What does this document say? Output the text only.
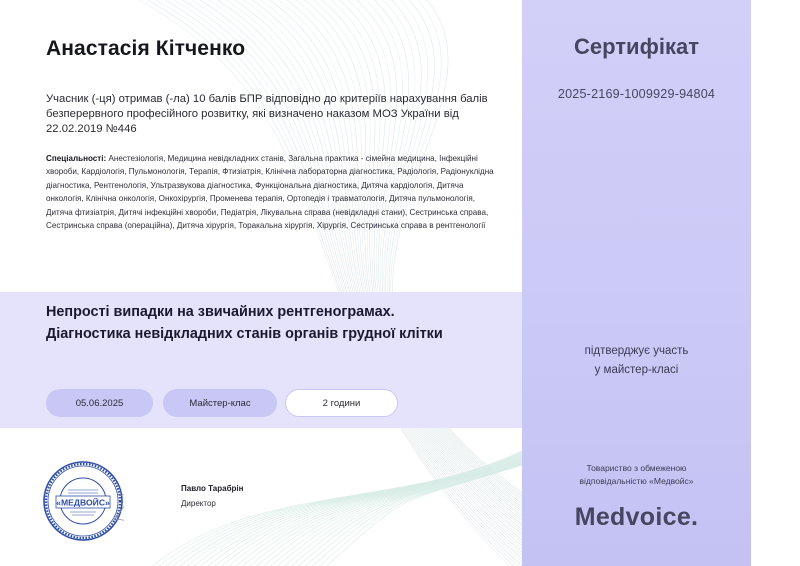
Анастасія Кітченко
Учасник (-ця) отримав (-ла) 10 балів БПР відповідно до критеріїв нарахування балів безперервного професійного розвитку, які визначено наказом МОЗ України від 22.02.2019 №446
Спеціальності: Анестезіологія, Медицина невідкладних станів, Загальна практика - сімейна медицина, Інфекційні хвороби, Кардіологія, Пульмонологія, Терапія, Фтизіатрія, Клінічна лабораторна діагностика, Радіологія, Радіонуклідна діагностика, Рентгенологія, Ультразвукова діагностика, Функціональна діагностика, Дитяча кардіологія, Дитяча онкологія, Клінічна онкологія, Онкохірургія, Променева терапія, Ортопедія і травматологія, Дитяча пульмонологія, Дитяча фтизіатрія, Дитячі інфекційні хвороби, Педіатрія, Лікувальна справа (невідкладні стани), Сестринська справа, Сестринська справа (операційна), Дитяча хірургія, Торакальна хірургія, Хірургія, Сестринська справа в рентгенології
Непрості випадки на звичайних рентгенограмах.
Діагностика невідкладних станів органів грудної клітки
05.06.2025	Майстер-клас	2 години
«МЕДВОЙС»
Павло Тарабрін
Директор
Сертифікат
2025-2169-1009929-94804
підтверджує участь
у майстер-класі
Товариство з обмеженою
відповідальністю «Медвойс»
Medvoice.
